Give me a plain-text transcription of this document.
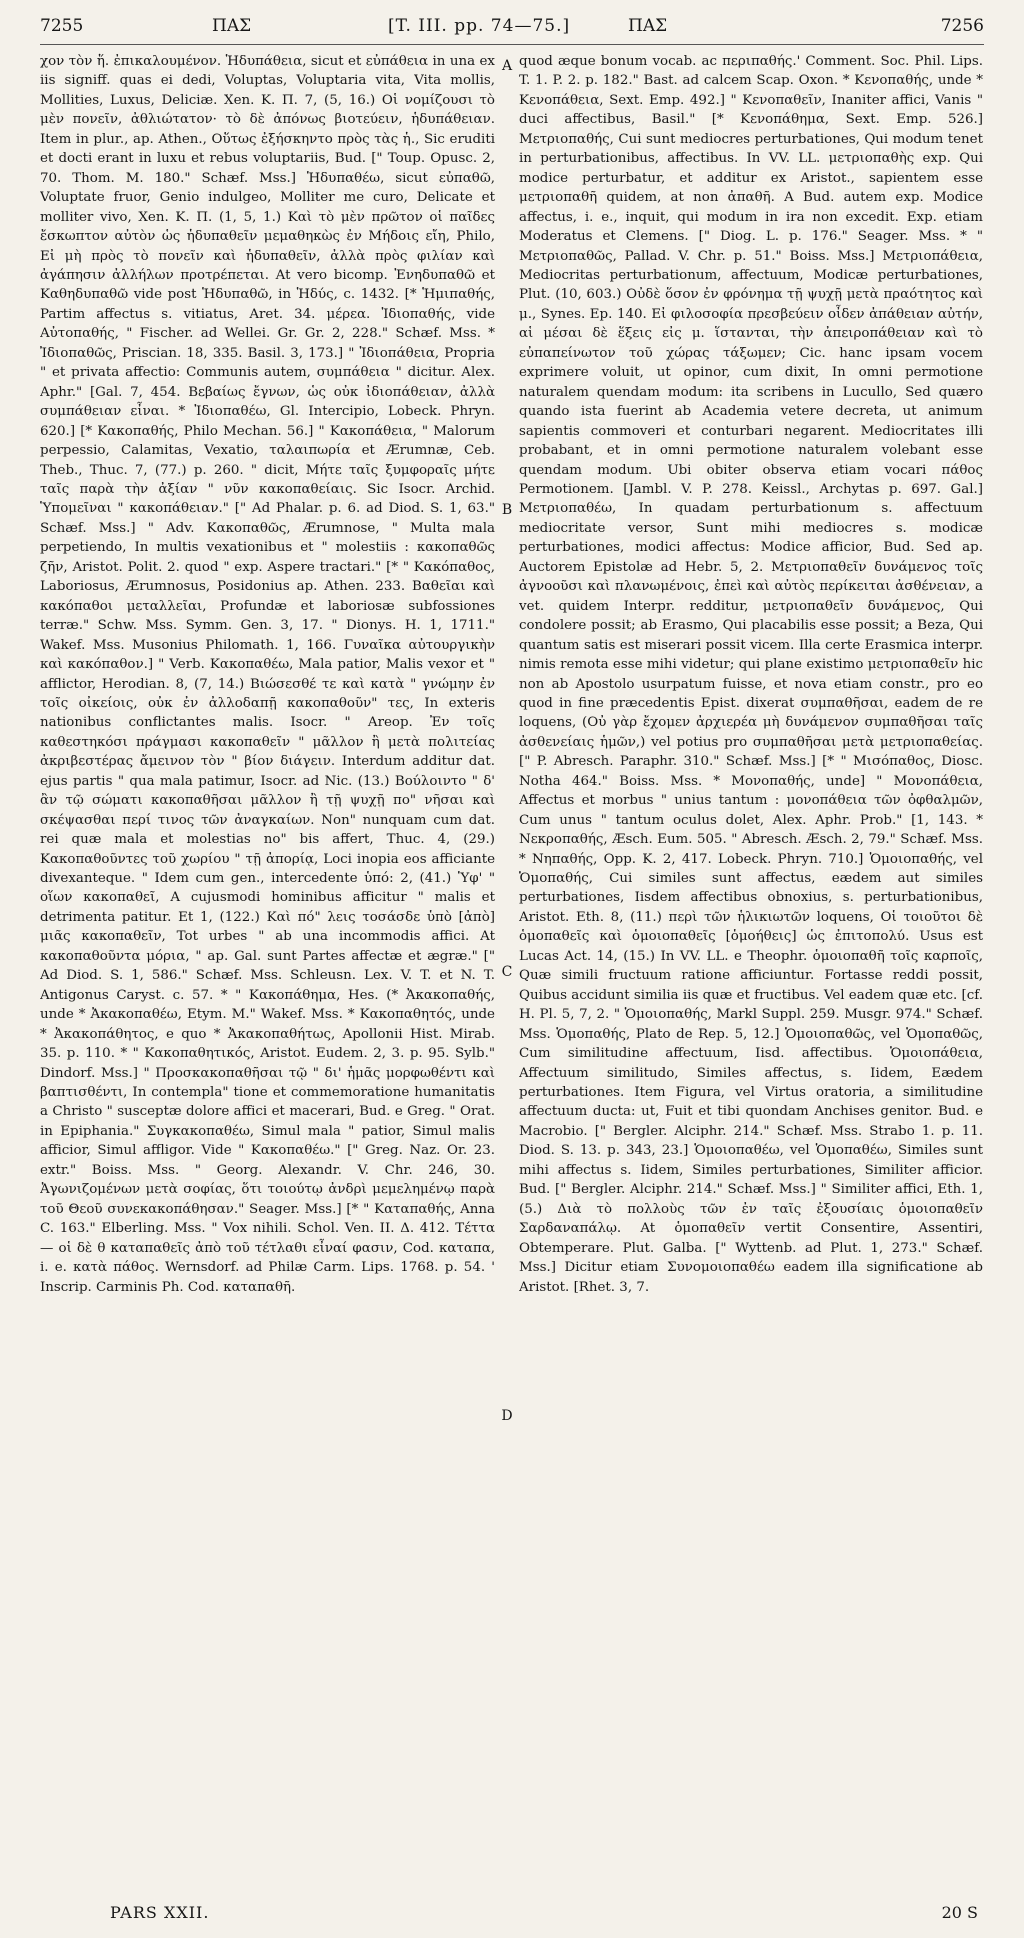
7255	ΠΑΣ	[T. III. pp. 74—75.]	ΠΑΣ	7256

χον τὸν ἥ. ἐπικαλουμένον. Ἡδυπάθεια, sicut et εὐπάθεια in una ex iis signiff. quas ei dedi, Voluptas, Voluptaria vita, Vita mollis, Mollities, Luxus, Deliciæ. Xen. K. Π. 7, (5, 16.) Οἱ νομίζουσι τὸ μὲν πονεῖν, ἀθλιώτατον· τὸ δὲ ἀπόνως βιοτεύειν, ἡδυπάθειαν. Item in plur., ap. Athen., Οὕτως ἐξήσκηντο πρὸς τὰς ἡ., Sic eruditi et docti erant in luxu et rebus voluptariis, Bud. [" Toup. Opusc. 2, 70. Thom. M. 180." Schæf. Mss.] Ἡδυπαθέω, sicut εὐπαθῶ, Voluptate fruor, Genio indulgeo, Molliter me curo, Delicate et molliter vivo, Xen. K. Π. (1, 5, 1.) Καὶ τὸ μὲν πρῶτον οἱ παῖδες ἔσκωπτον αὐτὸν ὡς ἡδυπαθεῖν μεμαθηκὼς ἐν Μήδοις εἴη, Philo, Εἰ μὴ πρὸς τὸ πονεῖν καὶ ἡδυπαθεῖν, ἀλλὰ πρὸς φιλίαν καὶ ἀγάπησιν ἀλλήλων προτρέπεται. At vero bicomp. Ἐνηδυπαθῶ et Καθηδυπαθῶ vide post Ἡδυπαθῶ, in Ἡδύς, c. 1432. [* Ἡμιπαθής, Partim affectus s. vitiatus, Aret. 34. μέρεα. Ἰδιοπαθής, vide Αὐτοπαθής, " Fischer. ad Wellei. Gr. Gr. 2, 228." Schæf. Mss. * Ἰδιοπαθῶς, Priscian. 18, 335. Basil. 3, 173.] " Ἰδιοπάθεια, Propria " et privata affectio: Communis autem, συμπάθεια " dicitur. Alex. Aphr." [Gal. 7, 454. Βεβαίως ἔγνων, ὡς οὐκ ἰδιοπάθειαν, ἀλλὰ συμπάθειαν εἶναι. * Ἰδιοπαθέω, Gl. Intercipio, Lobeck. Phryn. 620.] [* Κακοπαθής, Philo Mechan. 56.] " Κακοπάθεια, " Malorum perpessio, Calamitas, Vexatio, ταλαιπωρία et Ærumnæ, Ceb. Theb., Thuc. 7, (77.) p. 260. " dicit, Μήτε ταῖς ξυμφοραῖς μήτε ταῖς παρὰ τὴν ἀξίαν " νῦν κακοπαθείαις. Sic Isocr. Archid. Ὑπομεῖναι " κακοπάθειαν." [" Ad Phalar. p. 6. ad Diod. S. 1, 63." Schæf. Mss.] " Adv. Κακοπαθῶς, Ærumnose, " Multa mala perpetiendo, In multis vexationibus et " molestiis : κακοπαθῶς ζῆν, Aristot. Polit. 2. quod " exp. Aspere tractari." [* " Κακόπαθος, Laboriosus, Ærumnosus, Posidonius ap. Athen. 233. Βαθεῖαι καὶ κακόπαθοι μεταλλεῖαι, Profundæ et laboriosæ subfossiones terræ." Schw. Mss. Symm. Gen. 3, 17. " Dionys. H. 1, 1711." Wakef. Mss. Musonius Philomath. 1, 166. Γυναῖκα αὐτουργικὴν καὶ κακόπαθον.] " Verb. Κακοπαθέω, Mala patior, Malis vexor et " afflictor, Herodian. 8, (7, 14.) Βιώσεσθέ τε καὶ κατὰ " γνώμην ἐν τοῖς οἰκείοις, οὐκ ἐν ἀλλοδαπῇ κακοπαθοῦν" τες, In exteris nationibus conflictantes malis. Isocr. " Areop. Ἐν τοῖς καθεστηκόσι πράγμασι κακοπαθεῖν " μᾶλλον ἢ μετὰ πολιτείας ἀκριβεστέρας ἄμεινον τὸν " βίον διάγειν. Interdum additur dat. ejus partis " qua mala patimur, Isocr. ad Nic. (13.) Βούλοιντο " δ' ἂν τῷ σώματι κακοπαθῆσαι μᾶλλον ἢ τῇ ψυχῇ πο" νῆσαι καὶ σκέψασθαι περί τινος τῶν ἀναγκαίων. Non" nunquam cum dat. rei quæ mala et molestias no" bis affert, Thuc. 4, (29.) Κακοπαθοῦντες τοῦ χωρίου " τῇ ἀπορίᾳ, Loci inopia eos afficiante divexanteque. " Idem cum gen., intercedente ὑπό: 2, (41.) Ὑφ' " οἵων κακοπαθεῖ, A cujusmodi hominibus afficitur " malis et detrimenta patitur. Et 1, (122.) Καὶ πό" λεις τοσάσδε ὑπὸ [ἀπὸ] μιᾶς κακοπαθεῖν, Tot urbes " ab una incommodis affici. At κακοπαθοῦντα μόρια, " ap. Gal. sunt Partes affectæ et ægræ." [" Ad Diod. S. 1, 586." Schæf. Mss. Schleusn. Lex. V. T. et N. T. Antigonus Caryst. c. 57. * " Κακοπάθημα, Hes. (* Ἀκακοπαθής, unde * Ἀκακοπαθέω, Etym. M." Wakef. Mss. * Κακοπαθητός, unde * Ἀκακοπάθητος, e quo * Ἀκακοπαθήτως, Apollonii Hist. Mirab. 35. p. 110. * " Κακοπαθητικός, Aristot. Eudem. 2, 3. p. 95. Sylb." Dindorf. Mss.] " Προσκακοπαθῆσαι τῷ " δι' ἡμᾶς μορφωθέντι καὶ βαπτισθέντι, In contempla" tione et commemoratione humanitatis a Christo " susceptæ dolore affici et macerari, Bud. e Greg. " Orat. in Epiphania." Συγκακοπαθέω, Simul mala " patior, Simul malis afficior, Simul affligor. Vide " Κακοπαθέω." [" Greg. Naz. Or. 23. extr." Boiss. Mss. " Georg. Alexandr. V. Chr. 246, 30. Ἀγωνιζομένων μετὰ σοφίας, ὅτι τοιούτῳ ἀνδρὶ μεμελημένῳ παρὰ τοῦ Θεοῦ συνεκακοπάθησαν." Seager. Mss.] [* " Καταπαθής, Anna C. 163." Elberling. Mss. " Vox nihili. Schol. Ven. II. Δ. 412. Τέττα — οἱ δὲ θ καταπαθεῖς ἀπὸ τοῦ τέτλαθι εἶναί φασιν, Cod. καταπα, i. e. κατὰ πάθος. Wernsdorf. ad Philæ Carm. Lips. 1768. p. 54. ' Inscrip. Carminis Ph. Cod. καταπαθῆ.

A
B
C
D

quod æque bonum vocab. ac περιπαθής.' Comment. Soc. Phil. Lips. T. 1. P. 2. p. 182." Bast. ad calcem Scap. Oxon. * Κενοπαθής, unde * Κενοπάθεια, Sext. Emp. 492.] " Κενοπαθεῖν, Inaniter affici, Vanis " duci affectibus, Basil." [* Κενοπάθημα, Sext. Emp. 526.] Μετριοπαθής, Cui sunt mediocres perturbationes, Qui modum tenet in perturbationibus, affectibus. In VV. LL. μετριοπαθὴς exp. Qui modice perturbatur, et additur ex Aristot., sapientem esse μετριοπαθῆ quidem, at non ἀπαθῆ. A Bud. autem exp. Modice affectus, i. e., inquit, qui modum in ira non excedit. Exp. etiam Moderatus et Clemens. [" Diog. L. p. 176." Seager. Mss. * " Μετριοπαθῶς, Pallad. V. Chr. p. 51." Boiss. Mss.] Μετριοπάθεια, Mediocritas perturbationum, affectuum, Modicæ perturbationes, Plut. (10, 603.) Οὐδὲ ὅσον ἐν φρόνημα τῇ ψυχῇ μετὰ πραότητος καὶ μ., Synes. Ep. 140. Εἰ φιλοσοφία πρεσβεύειν οἶδεν ἀπάθειαν αὐτήν, αἱ μέσαι δὲ ἕξεις εἰς μ. ἵστανται, τὴν ἀπειροπάθειαν καὶ τὸ εὐπαπείνωτον τοῦ χώρας τάξωμεν; Cic. hanc ipsam vocem exprimere voluit, ut opinor, cum dixit, In omni permotione naturalem quendam modum: ita scribens in Lucullo, Sed quæro quando ista fuerint ab Academia vetere decreta, ut animum sapientis commoveri et conturbari negarent. Mediocritates illi probabant, et in omni permotione naturalem volebant esse quendam modum. Ubi obiter observa etiam vocari πάθος Permotionem. [Jambl. V. P. 278. Keissl., Archytas p. 697. Gal.] Μετριοπαθέω, In quadam perturbationum s. affectuum mediocritate versor, Sunt mihi mediocres s. modicæ perturbationes, modici affectus: Modice afficior, Bud. Sed ap. Auctorem Epistolæ ad Hebr. 5, 2. Μετριοπαθεῖν δυνάμενος τοῖς ἀγνοοῦσι καὶ πλανωμένοις, ἐπεὶ καὶ αὐτὸς περίκειται ἀσθένειαν, a vet. quidem Interpr. redditur, μετριοπαθεῖν δυνάμενος, Qui condolere possit; ab Erasmo, Qui placabilis esse possit; a Beza, Qui quantum satis est miserari possit vicem. Illa certe Erasmica interpr. nimis remota esse mihi videtur; qui plane existimo μετριοπαθεῖν hic non ab Apostolo usurpatum fuisse, et nova etiam constr., pro eo quod in fine præcedentis Epist. dixerat συμπαθῆσαι, eadem de re loquens, (Οὐ γὰρ ἔχομεν ἀρχιερέα μὴ δυνάμενον συμπαθῆσαι ταῖς ἀσθενείαις ἡμῶν,) vel potius pro συμπαθῆσαι μετὰ μετριοπαθείας. [" P. Abresch. Paraphr. 310." Schæf. Mss.] [* " Μισόπαθος, Diosc. Notha 464." Boiss. Mss. * Μονοπαθής, unde] " Μονοπάθεια, Affectus et morbus " unius tantum : μονοπάθεια τῶν ὀφθαλμῶν, Cum unus " tantum oculus dolet, Alex. Aphr. Prob." [1, 143. * Νεκροπαθής, Æsch. Eum. 505. " Abresch. Æsch. 2, 79." Schæf. Mss. * Νηπαθής, Opp. K. 2, 417. Lobeck. Phryn. 710.] Ὁμοιοπαθής, vel Ὁμοπαθής, Cui similes sunt affectus, eædem aut similes perturbationes, Iisdem affectibus obnoxius, s. perturbationibus, Aristot. Eth. 8, (11.) περὶ τῶν ἡλικιωτῶν loquens, Οἱ τοιοῦτοι δὲ ὁμοπαθεῖς καὶ ὁμοιοπαθεῖς [ὁμοήθεις] ὡς ἐπιτοπολύ. Usus est Lucas Act. 14, (15.) In VV. LL. e Theophr. ὁμοιοπαθῆ τοῖς καρποῖς, Quæ simili fructuum ratione afficiuntur. Fortasse reddi possit, Quibus accidunt similia iis quæ et fructibus. Vel eadem quæ etc. [cf. H. Pl. 5, 7, 2. " Ὁμοιοπαθής, Markl Suppl. 259. Musgr. 974." Schæf. Mss. Ὁμοπαθής, Plato de Rep. 5, 12.] Ὁμοιοπαθῶς, vel Ὁμοπαθῶς, Cum similitudine affectuum, Iisd. affectibus. Ὁμοιοπάθεια, Affectuum similitudo, Similes affectus, s. Iidem, Eædem perturbationes. Item Figura, vel Virtus oratoria, a similitudine affectuum ducta: ut, Fuit et tibi quondam Anchises genitor. Bud. e Macrobio. [" Bergler. Alciphr. 214." Schæf. Mss. Strabo 1. p. 11. Diod. S. 13. p. 343, 23.] Ὁμοιοπαθέω, vel Ὁμοπαθέω, Similes sunt mihi affectus s. Iidem, Similes perturbationes, Similiter afficior. Bud. [" Bergler. Alciphr. 214." Schæf. Mss.] " Similiter affici, Eth. 1, (5.) Διὰ τὸ πολλοὺς τῶν ἐν ταῖς ἐξουσίαις ὁμοιοπαθεῖν Σαρδαναπάλῳ. At ὁμοπαθεῖν vertit Consentire, Assentiri, Obtemperare. Plut. Galba. [" Wyttenb. ad Plut. 1, 273." Schæf. Mss.] Dicitur etiam Συνομοιοπαθέω eadem illa significatione ab Aristot. [Rhet. 3, 7.

PARS XXII.	20 S
